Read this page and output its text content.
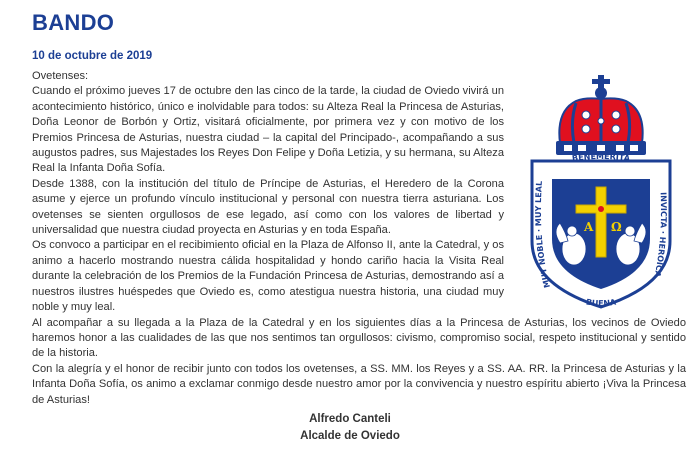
BANDO
10 de octubre de 2019
BENEMÉRITA
MUY NOBLE · MUY LEAL
INVICTA · HEROICA
BUENA
A Ω

Ovetenses:

Cuando el próximo jueves 17 de octubre den las cinco de la tarde, la ciudad de Oviedo vivirá un acontecimiento histórico, único e inolvidable para todos: su Alteza Real la Princesa de Asturias, Doña Leonor de Borbón y Ortiz, visitará oficialmente, por primera vez y con motivo de los Premios Princesa de Asturias, nuestra ciudad – la capital del Principado-, acompañando a sus augustos padres, sus Majestades los Reyes Don Felipe y Doña Letizia, y su hermana, su Alteza Real la Infanta Doña Sofía.

Desde 1388, con la institución del título de Príncipe de Asturias, el Heredero de la Corona asume y ejerce un profundo vínculo institucional y personal con nuestra tierra asturiana. Los ovetenses se sienten orgullosos de ese legado, así como con los valores de libertad y universalidad que nuestra ciudad proyecta en Asturias y en toda España.

Os convoco a participar en el recibimiento oficial en la Plaza de Alfonso II, ante la Catedral, y os animo a hacerlo mostrando nuestra cálida hospitalidad y hondo cariño hacia la Visita Real durante la celebración de los Premios de la Fundación Princesa de Asturias, demostrando así a nuestros ilustres huéspedes que Oviedo es, como atestigua nuestra historia, una ciudad muy noble y muy leal.

Al acompañar a su llegada a la Plaza de la Catedral y en los siguientes días a la Princesa de Asturias, los vecinos de Oviedo haremos honor a las cualidades de las que nos sentimos tan orgullosos: civismo, compromiso social, respeto institucional y sentido de la historia.

Con la alegría y el honor de recibir junto con todos los ovetenses, a SS. MM. los Reyes y a SS. AA. RR. la Princesa de Asturias y la Infanta Doña Sofía, os animo a exclamar conmigo desde nuestro amor por la convivencia y nuestro espíritu abierto ¡Viva la Princesa de Asturias!

Alfredo Canteli
Alcalde de Oviedo
